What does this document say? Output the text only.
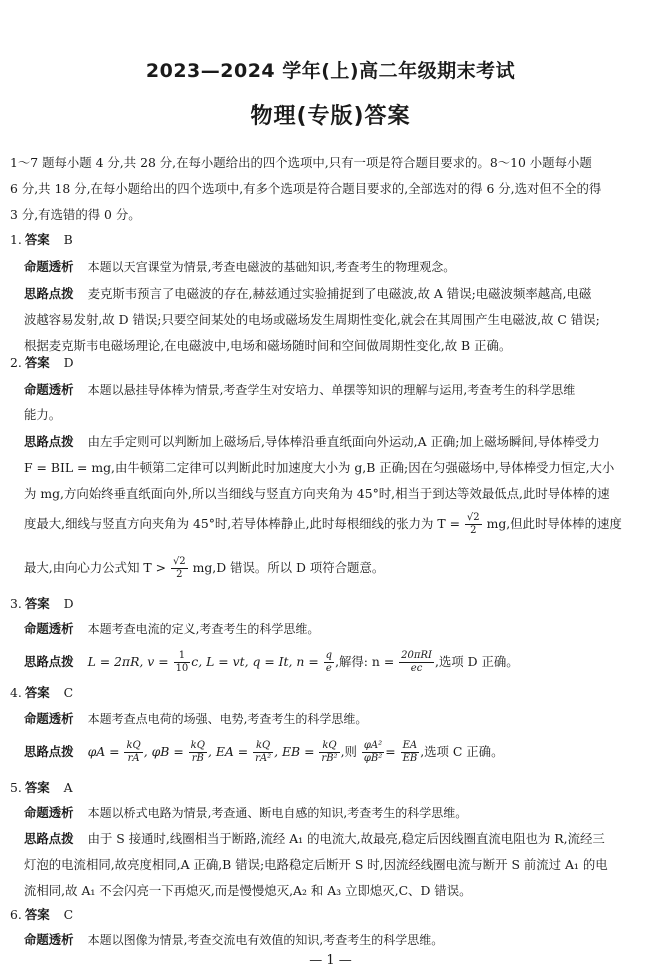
2023—2024 学年(上)高二年级期末考试
物理(专版)答案
1～7 题每小题 4 分,共 28 分,在每小题给出的四个选项中,只有一项是符合题目要求的。8～10 小题每小题
6 分,共 18 分,在每小题给出的四个选项中,有多个选项是符合题目要求的,全部选对的得 6 分,选对但不全的得
3 分,有选错的得 0 分。
1. 答案 B
命题透析 本题以天宫课堂为情景,考查电磁波的基础知识,考查考生的物理观念。
思路点拨 麦克斯韦预言了电磁波的存在,赫兹通过实验捕捉到了电磁波,故 A 错误;电磁波频率越高,电磁
波越容易发射,故 D 错误;只要空间某处的电场或磁场发生周期性变化,就会在其周围产生电磁波,故 C 错误;
根据麦克斯韦电磁场理论,在电磁波中,电场和磁场随时间和空间做周期性变化,故 B 正确。
2. 答案 D
命题透析 本题以悬挂导体棒为情景,考查学生对安培力、单摆等知识的理解与运用,考查考生的科学思维
能力。
思路点拨 由左手定则可以判断加上磁场后,导体棒沿垂直纸面向外运动,A 正确;加上磁场瞬间,导体棒受力
F = BIL = mg,由牛顿第二定律可以判断此时加速度大小为 g,B 正确;因在匀强磁场中,导体棒受力恒定,大小
为 mg,方向始终垂直纸面向外,所以当细线与竖直方向夹角为 45°时,相当于到达等效最低点,此时导体棒的速
度最大,细线与竖直方向夹角为 45°时,若导体棒静止,此时每根细线的张力为 $T = \frac{√2}{2}$ mg,但此时导体棒的速度
最大,由向心力公式知 $T > \frac{√2}{2} mg,D$ 错误。所以 D 项符合题意。
3. 答案 D
命题透析 本题考查电流的定义,考查考生的科学思维。
思路点拨 L = 2πR, $v = \frac{1}{10} c$, L = vt, q = It, $n = \frac{q}{e}$ ,解得: $n = \frac{\text{20πRI}}{ec}$ ,选项 D 正确。
4. 答案 C
命题透析 本题考查点电荷的场强、电势,考查考生的科学思维。
思路点拨 $\varphi A = \frac{kQ}{rA}$ , $\varphi B = \frac{kQ}{rB}$ , EA = $\frac{kQ}{\text{rA²}}$ , EB = $\frac{kQ}{\text{rB²}}$ ,则 $\frac{\text{φA²}}{\text{φB²}} = \frac{EA}{EB}$ ,选项 C 正确。
5. 答案 A
命题透析 本题以桥式电路为情景,考查通、断电自感的知识,考查考生的科学思维。
思路点拨 由于 S 接通时,线圈相当于断路,流经 A₁ 的电流大,故最亮,稳定后因线圈直流电阻也为 R,流经三
灯泡的电流相同,故亮度相同,A 正确,B 错误;电路稳定后断开 S 时,因流经线圈电流与断开 S 前流过 A₁ 的电
流相同,故 A₁ 不会闪亮一下再熄灭,而是慢慢熄灭,A₂ 和 A₃ 立即熄灭,C、D 错误。
6. 答案 C
命题透析 本题以图像为情景,考查交流电有效值的知识,考查考生的科学思维。
— 1 —
